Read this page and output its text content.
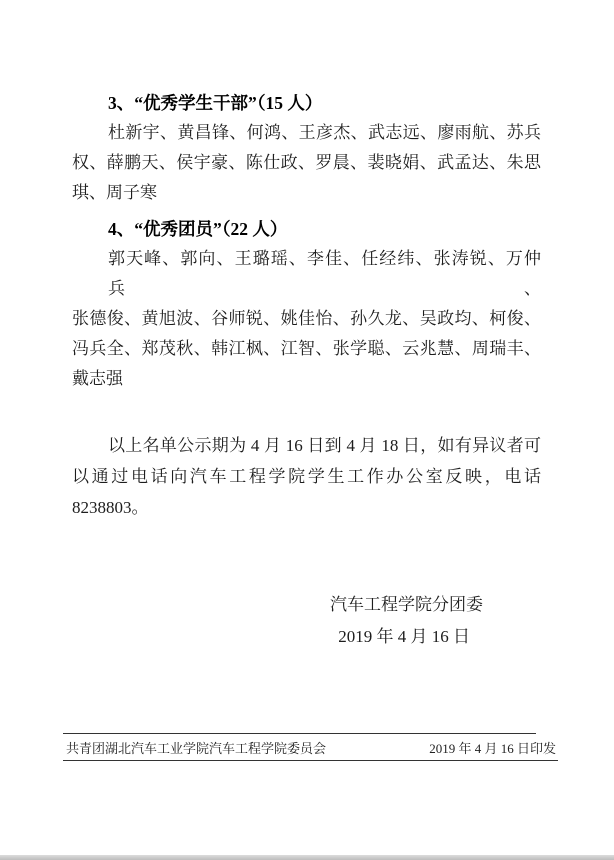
3、“优秀学生干部”（15 人）
杜新宇、黄昌锋、何鸿、王彦杰、武志远、廖雨航、苏兵
权、薛鹏天、侯宇豪、陈仕政、罗晨、裴晓娟、武孟达、朱思
琪、周子寒
4、“优秀团员”（22 人）
郭天峰、郭向、王璐瑶、李佳、任经纬、张涛锐、万仲兵、
张德俊、黄旭波、谷师锐、姚佳怡、孙久龙、吴政均、柯俊、
冯兵全、郑茂秋、韩江枫、江智、张学聪、云兆慧、周瑞丰、
戴志强
以上名单公示期为 4 月 16 日到 4 月 18 日，如有异议者可
以通过电话向汽车工程学院学生工作办公室反映，电话
8238803。
汽车工程学院分团委
2019 年 4 月 16 日
共青团湖北汽车工业学院汽车工程学院委员会	2019 年 4 月 16 日印发
